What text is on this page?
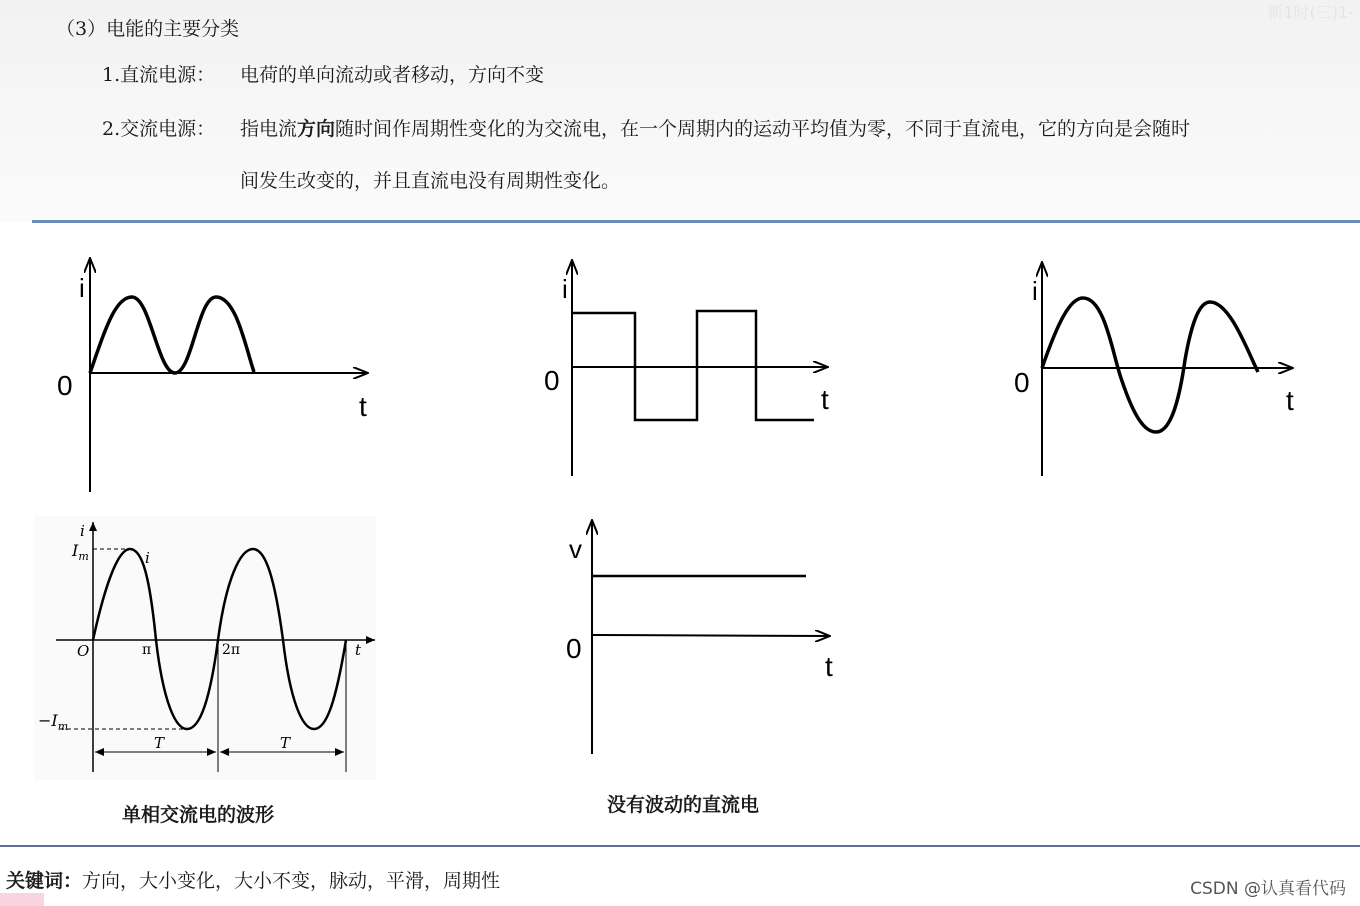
新1时(三)1-
（3）电能的主要分类
1.直流电源： 电荷的单向流动或者移动，方向不变
2.交流电源： 指电流方向随时间作周期性变化的为交流电，在一个周期内的运动平均值为零，不同于直流电，它的方向是会随时
间发生改变的，并且直流电没有周期性变化。
i
0
t
i
0
t
i
0
t
i
$I_m$	i
O	π	2π	t
$-I_m$
T	T
v
0
t
单相交流电的波形	没有波动的直流电
关键词：方向，大小变化，大小不变，脉动，平滑，周期性	CSDN @认真看代码
